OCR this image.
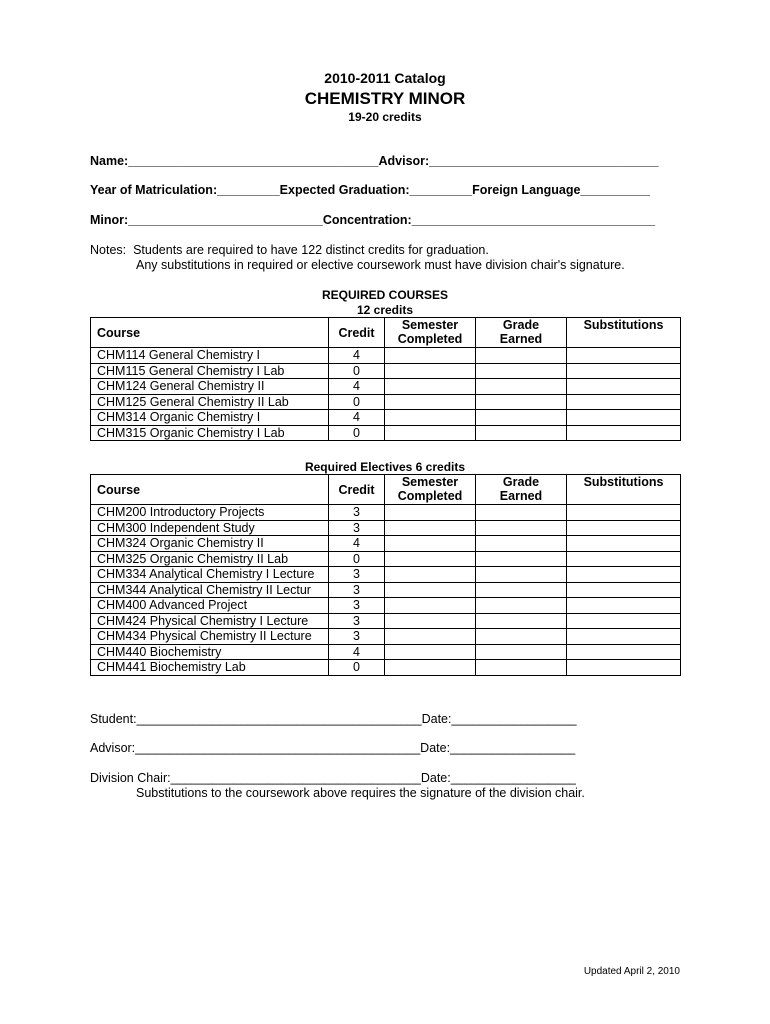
2010-2011 Catalog
CHEMISTRY MINOR
19-20 credits
Name:____________________________________Advisor:_________________________________
Year of Matriculation:_________Expected Graduation:_________Foreign Language__________
Minor:____________________________Concentration:___________________________________
Notes:  Students are required to have 122 distinct credits for graduation.
Any substitutions in required or elective coursework must have division chair's signature.
REQUIRED COURSES
12 credits
Course	Credit	Semester Completed	Grade Earned	Substitutions
CHM114 General Chemistry I	4			
CHM115 General Chemistry I Lab	0			
CHM124 General Chemistry II	4			
CHM125 General Chemistry II Lab	0			
CHM314 Organic Chemistry I	4			
CHM315 Organic Chemistry I Lab	0			
Required Electives 6 credits
Course	Credit	Semester Completed	Grade Earned	Substitutions
CHM200 Introductory Projects	3			
CHM300 Independent Study	3			
CHM324 Organic Chemistry II	4			
CHM325 Organic Chemistry II Lab	0			
CHM334 Analytical Chemistry I Lecture	3			
CHM344 Analytical Chemistry II Lectur	3			
CHM400 Advanced Project	3			
CHM424 Physical Chemistry I Lecture	3			
CHM434 Physical Chemistry II Lecture	3			
CHM440 Biochemistry	4			
CHM441 Biochemistry Lab	0			
Student:_________________________________________Date:__________________
Advisor:_________________________________________Date:__________________
Division Chair:____________________________________Date:__________________
Substitutions to the coursework above requires the signature of the division chair.
Updated April 2, 2010
